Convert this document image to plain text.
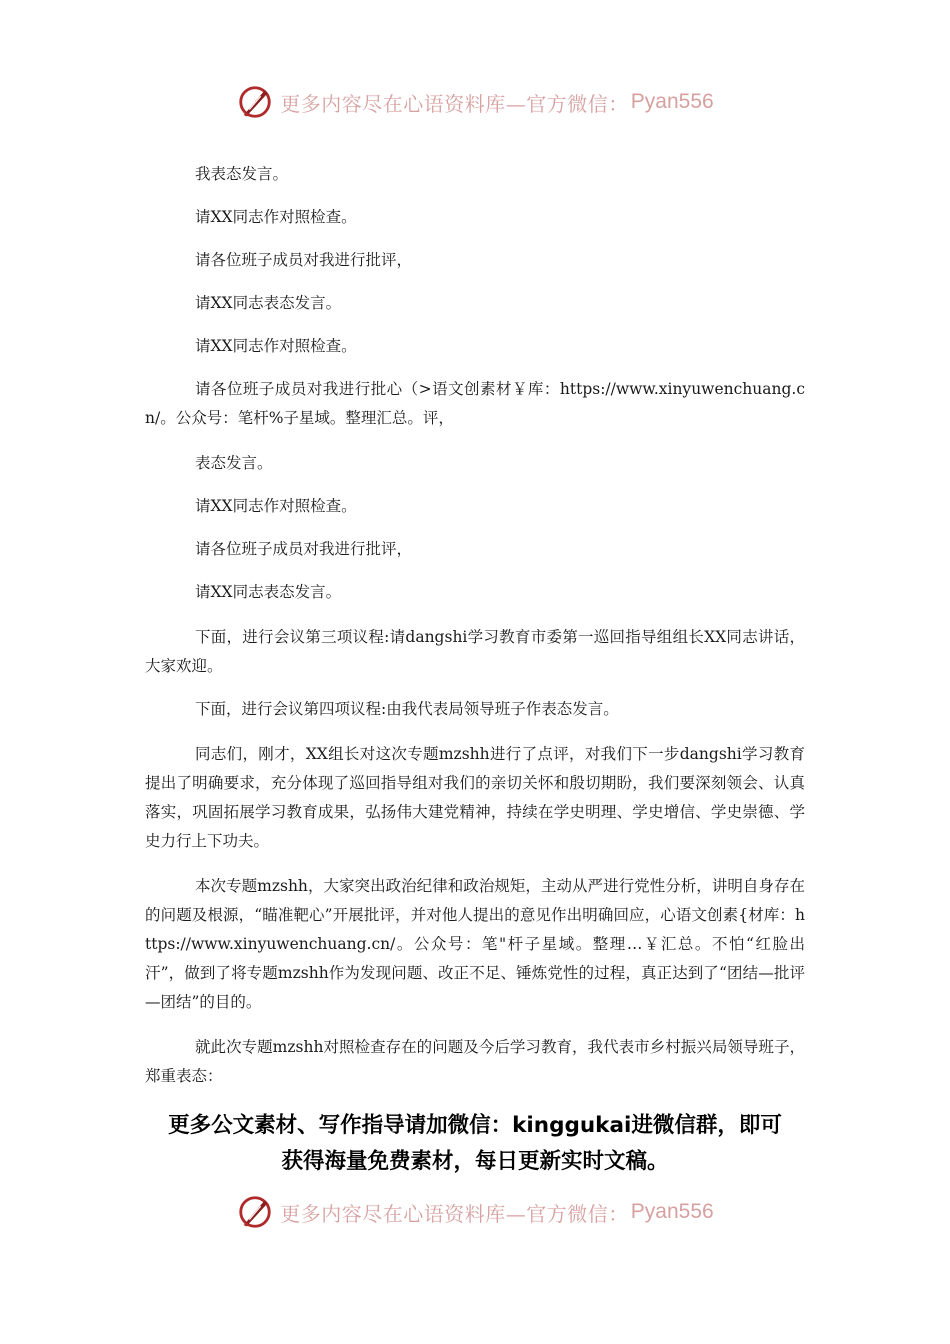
更多内容尽在心语资料库—官方微信： Pyan556

我表态发言。

请XX同志作对照检查。

请各位班子成员对我进行批评，

请XX同志表态发言。

请XX同志作对照检查。

请各位班子成员对我进行批心（>语文创素材￥库：https://www.xinyuwenchuang.cn/。公众号：笔杆%子星域。整理汇总。评，

表态发言。

请XX同志作对照检查。

请各位班子成员对我进行批评，

请XX同志表态发言。

下面，进行会议第三项议程:请dangshi学习教育市委第一巡回指导组组长XX同志讲话，大家欢迎。

下面，进行会议第四项议程:由我代表局领导班子作表态发言。

同志们，刚才，XX组长对这次专题mzshh进行了点评，对我们下一步dangshi学习教育提出了明确要求，充分体现了巡回指导组对我们的亲切关怀和殷切期盼，我们要深刻领会、认真落实，巩固拓展学习教育成果，弘扬伟大建党精神，持续在学史明理、学史增信、学史崇德、学史力行上下功夫。

本次专题mzshh，大家突出政治纪律和政治规矩，主动从严进行党性分析，讲明自身存在的问题及根源，“瞄准靶心”开展批评，并对他人提出的意见作出明确回应，心语文创素{材库：https://www.xinyuwenchuang.cn/。公众号：笔"杆子星域。整理…￥汇总。不怕“红脸出汗”，做到了将专题mzshh作为发现问题、改正不足、锤炼党性的过程，真正达到了“团结—批评—团结”的目的。

就此次专题mzshh对照检查存在的问题及今后学习教育，我代表市乡村振兴局领导班子，郑重表态：

更多公文素材、写作指导请加微信：kinggukai进微信群，即可
获得海量免费素材，每日更新实时文稿。
更多内容尽在心语资料库—官方微信： Pyan556
